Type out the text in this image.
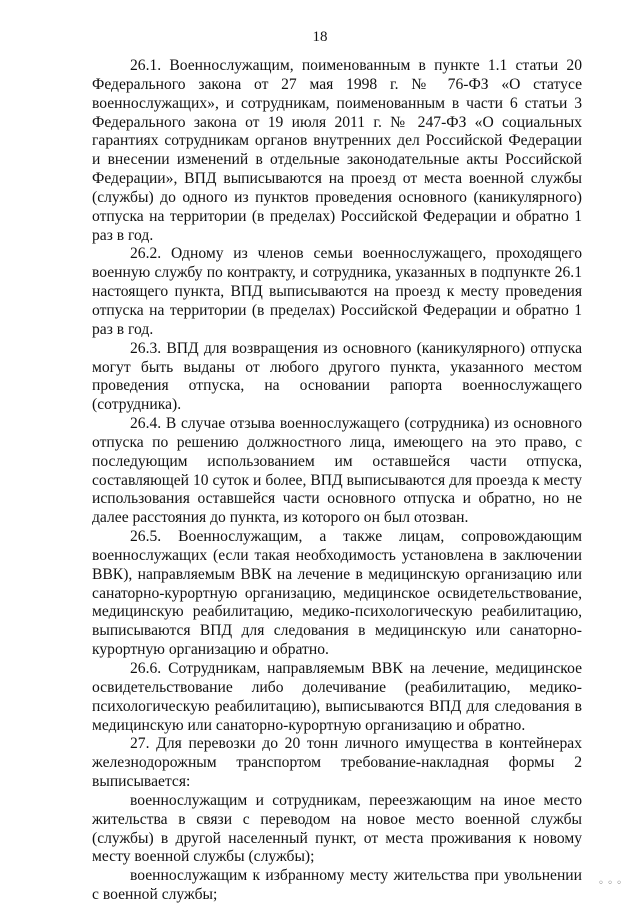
18

26.1. Военнослужащим, поименованным в пункте 1.1 статьи 20 Федерального закона от 27 мая 1998 г. № 76-ФЗ «О статусе военнослужащих», и сотрудникам, поименованным в части 6 статьи 3 Федерального закона от 19 июля 2011 г. № 247-ФЗ «О социальных гарантиях сотрудникам органов внутренних дел Российской Федерации и внесении изменений в отдельные законодательные акты Российской Федерации», ВПД выписываются на проезд от места военной службы (службы) до одного из пунктов проведения основного (каникулярного) отпуска на территории (в пределах) Российской Федерации и обратно 1 раз в год.

26.2. Одному из членов семьи военнослужащего, проходящего военную службу по контракту, и сотрудника, указанных в подпункте 26.1 настоящего пункта, ВПД выписываются на проезд к месту проведения отпуска на территории (в пределах) Российской Федерации и обратно 1 раз в год.

26.3. ВПД для возвращения из основного (каникулярного) отпуска могут быть выданы от любого другого пункта, указанного местом проведения отпуска, на основании рапорта военнослужащего (сотрудника).

26.4. В случае отзыва военнослужащего (сотрудника) из основного отпуска по решению должностного лица, имеющего на это право, с последующим использованием им оставшейся части отпуска, составляющей 10 суток и более, ВПД выписываются для проезда к месту использования оставшейся части основного отпуска и обратно, но не далее расстояния до пункта, из которого он был отозван.

26.5. Военнослужащим, а также лицам, сопровождающим военнослужащих (если такая необходимость установлена в заключении ВВК), направляемым ВВК на лечение в медицинскую организацию или санаторно-курортную организацию, медицинское освидетельствование, медицинскую реабилитацию, медико-психологическую реабилитацию, выписываются ВПД для следования в медицинскую или санаторно-курортную организацию и обратно.

26.6. Сотрудникам, направляемым ВВК на лечение, медицинское освидетельствование либо долечивание (реабилитацию, медико-психологическую реабилитацию), выписываются ВПД для следования в медицинскую или санаторно-курортную организацию и обратно.

27. Для перевозки до 20 тонн личного имущества в контейнерах железнодорожным транспортом требование-накладная формы 2 выписывается:

военнослужащим и сотрудникам, переезжающим на иное место жительства в связи с переводом на новое место военной службы (службы) в другой населенный пункт, от места проживания к новому месту военной службы (службы);

военнослужащим к избранному месту жительства при увольнении с военной службы;

◦ ◦ ◦
